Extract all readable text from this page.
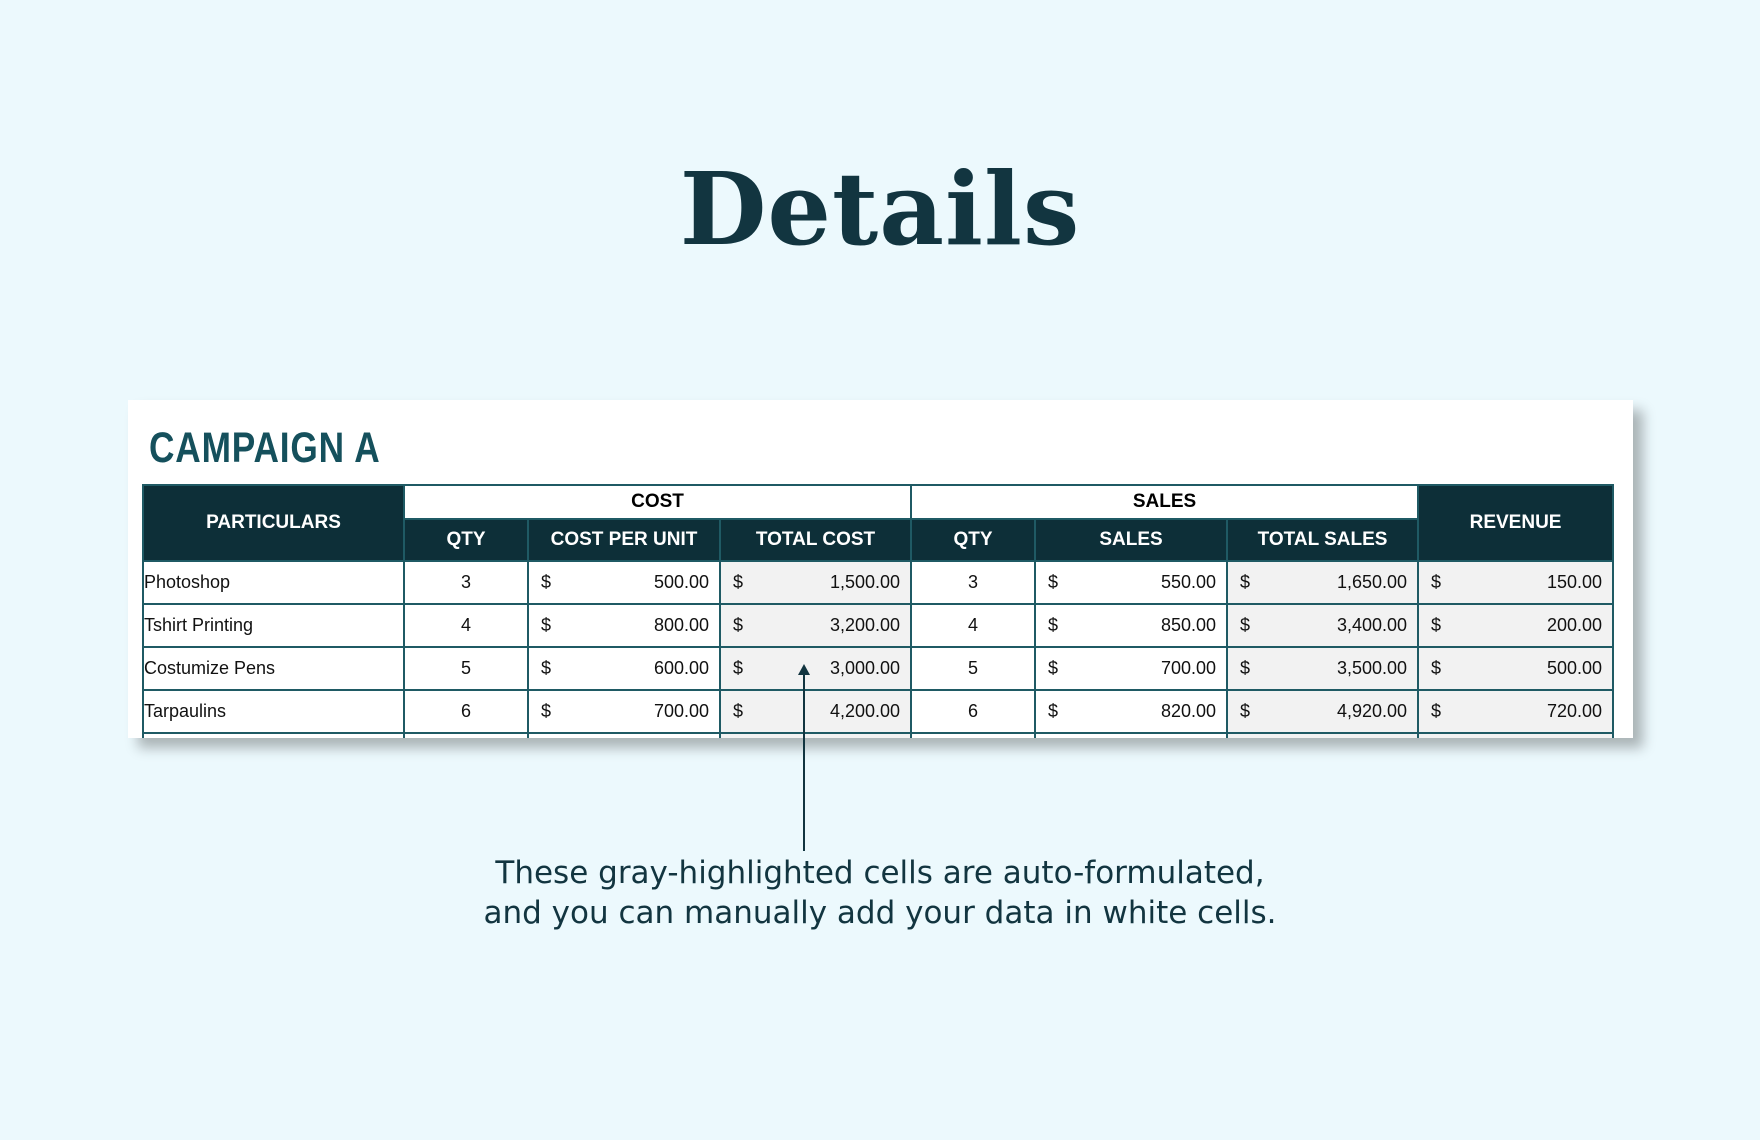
Details
CAMPAIGN A
PARTICULARS	COST			SALES			REVENUE
	QTY	COST PER UNIT	TOTAL COST	QTY	SALES	TOTAL SALES	
Photoshop	3	$ 500.00	$ 1,500.00	3	$ 550.00	$ 1,650.00	$ 150.00

Tshirt Printing	4	$ 800.00	$ 3,200.00	4	$ 850.00	$ 3,400.00	$ 200.00

Costumize Pens	5	$ 600.00	$ 3,000.00	5	$ 700.00	$ 3,500.00	$ 500.00

Tarpaulins	6	$ 700.00	$ 4,200.00	6	$ 820.00	$ 4,920.00	$ 720.00

These gray-highlighted cells are auto-formulated,
and you can manually add your data in white cells.
